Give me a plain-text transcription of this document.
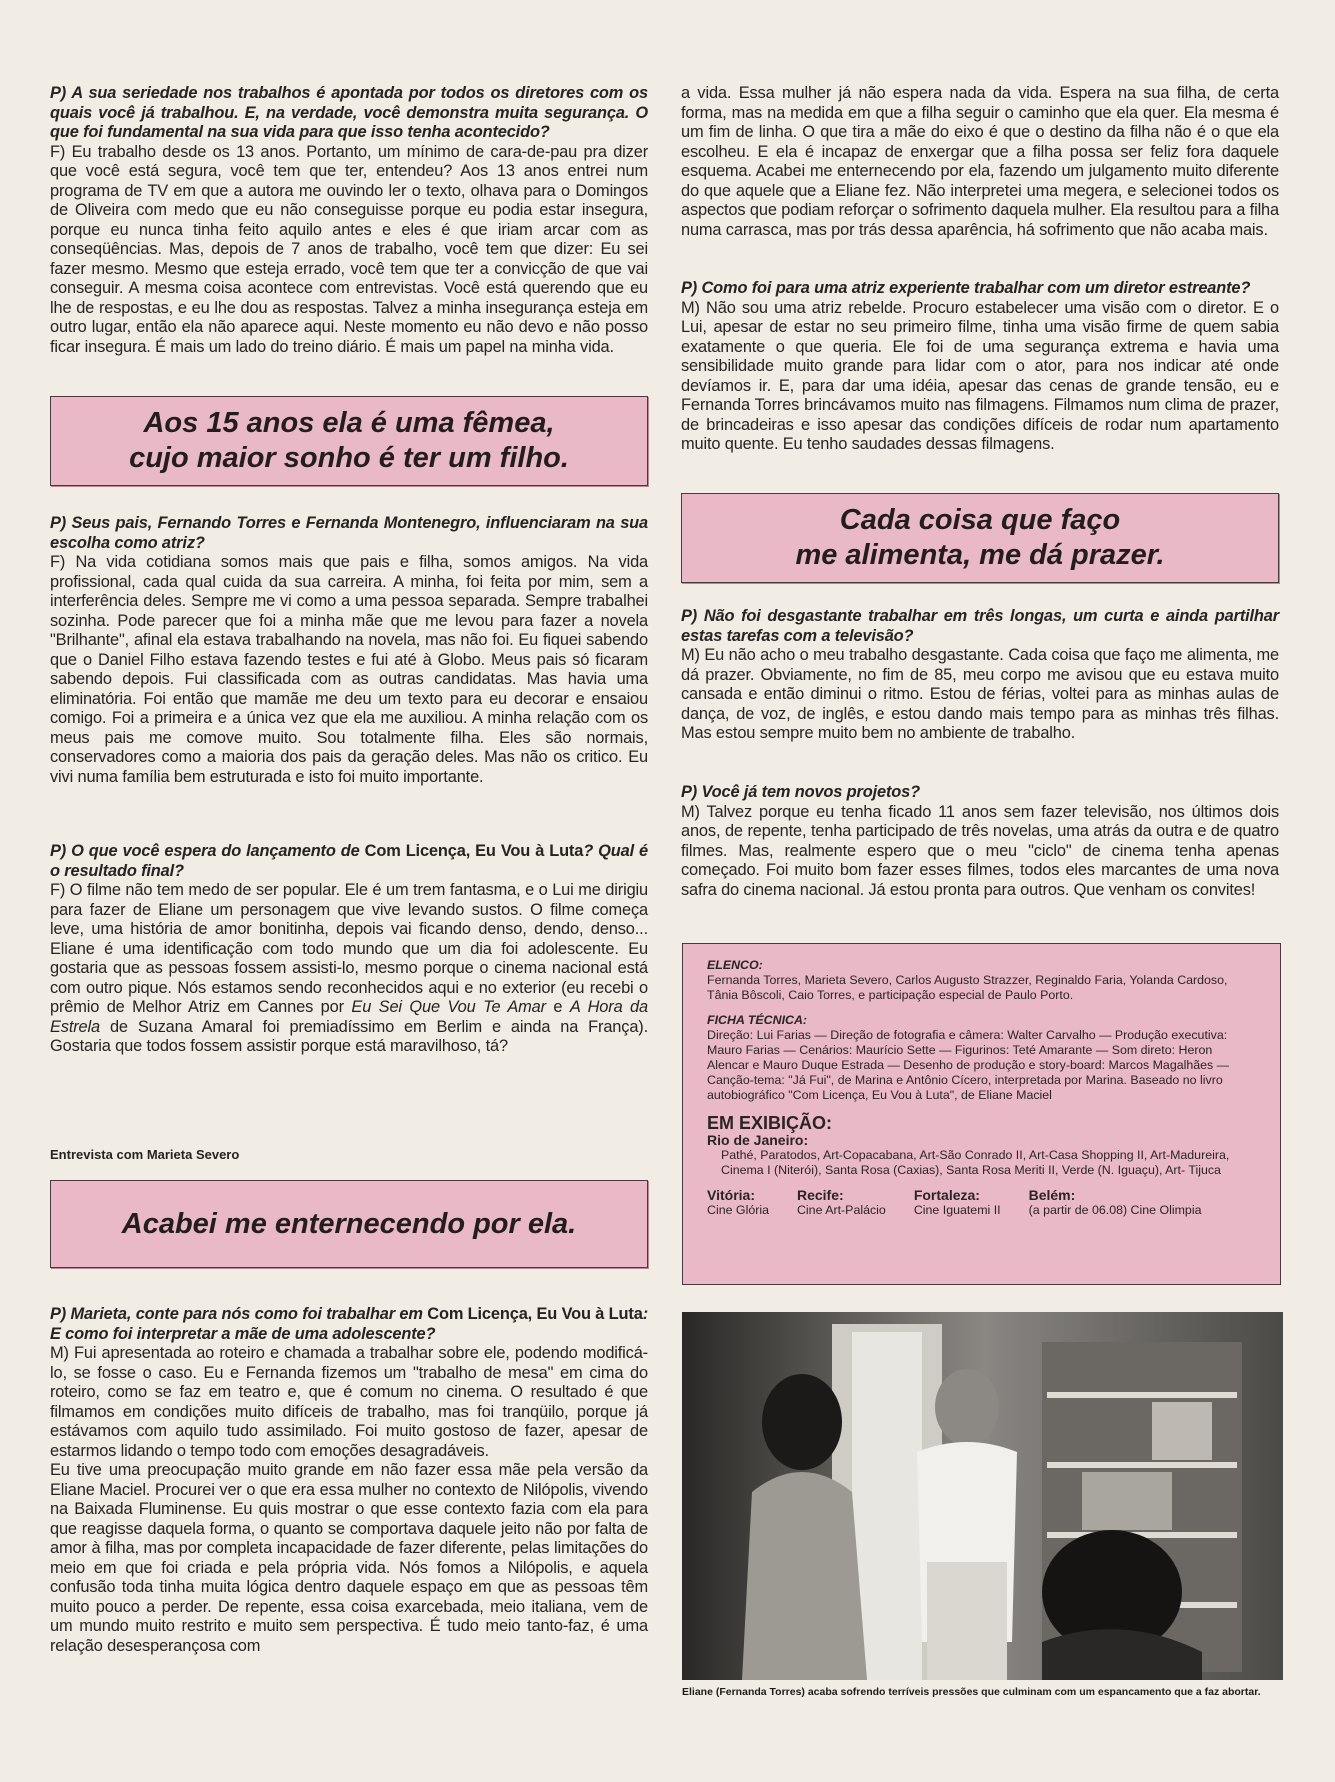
P) A sua seriedade nos trabalhos é apontada por todos os diretores com os quais você já trabalhou. E, na verdade, você demonstra muita segurança. O que foi fundamental na sua vida para que isso tenha acontecido?

F) Eu trabalho desde os 13 anos. Portanto, um mínimo de cara-de-pau pra dizer que você está segura, você tem que ter, entendeu? Aos 13 anos entrei num programa de TV em que a autora me ouvindo ler o texto, olhava para o Domingos de Oliveira com medo que eu não conseguisse porque eu podia estar insegura, porque eu nunca tinha feito aquilo antes e eles é que iriam arcar com as conseqüências. Mas, depois de 7 anos de trabalho, você tem que dizer: Eu sei fazer mesmo. Mesmo que esteja errado, você tem que ter a convicção de que vai conseguir. A mesma coisa acontece com entrevistas. Você está querendo que eu lhe de respostas, e eu lhe dou as respostas. Talvez a minha insegurança esteja em outro lugar, então ela não aparece aqui. Neste momento eu não devo e não posso ficar insegura. É mais um lado do treino diário. É mais um papel na minha vida.

Aos 15 anos ela é uma fêmea,
cujo maior sonho é ter um filho.

P) Seus pais, Fernando Torres e Fernanda Montenegro, influenciaram na sua escolha como atriz?

F) Na vida cotidiana somos mais que pais e filha, somos amigos. Na vida profissional, cada qual cuida da sua carreira. A minha, foi feita por mim, sem a interferência deles. Sempre me vi como a uma pessoa separada. Sempre trabalhei sozinha. Pode parecer que foi a minha mãe que me levou para fazer a novela "Brilhante", afinal ela estava trabalhando na novela, mas não foi. Eu fiquei sabendo que o Daniel Filho estava fazendo testes e fui até à Globo. Meus pais só ficaram sabendo depois. Fui classificada com as outras candidatas. Mas havia uma eliminatória. Foi então que mamãe me deu um texto para eu decorar e ensaiou comigo. Foi a primeira e a única vez que ela me auxiliou. A minha relação com os meus pais me comove muito. Sou totalmente filha. Eles são normais, conservadores como a maioria dos pais da geração deles. Mas não os critico. Eu vivi numa família bem estruturada e isto foi muito importante.

P) O que você espera do lançamento de Com Licença, Eu Vou à Luta? Qual é o resultado final?

F) O filme não tem medo de ser popular. Ele é um trem fantasma, e o Lui me dirigiu para fazer de Eliane um personagem que vive levando sustos. O filme começa leve, uma história de amor bonitinha, depois vai ficando denso, dendo, denso... Eliane é uma identificação com todo mundo que um dia foi adolescente. Eu gostaria que as pessoas fossem assisti-lo, mesmo porque o cinema nacional está com outro pique. Nós estamos sendo reconhecidos aqui e no exterior (eu recebi o prêmio de Melhor Atriz em Cannes por Eu Sei Que Vou Te Amar e A Hora da Estrela de Suzana Amaral foi premiadíssimo em Berlim e ainda na França). Gostaria que todos fossem assistir porque está maravilhoso, tá?

Entrevista com Marieta Severo
Acabei me enternecendo por ela.

P) Marieta, conte para nós como foi trabalhar em Com Licença, Eu Vou à Luta: E como foi interpretar a mãe de uma adolescente?

M) Fui apresentada ao roteiro e chamada a trabalhar sobre ele, podendo modificá-lo, se fosse o caso. Eu e Fernanda fizemos um "trabalho de mesa" em cima do roteiro, como se faz em teatro e, que é comum no cinema. O resultado é que filmamos em condições muito difíceis de trabalho, mas foi tranqüilo, porque já estávamos com aquilo tudo assimilado. Foi muito gostoso de fazer, apesar de estarmos lidando o tempo todo com emoções desagradáveis.

Eu tive uma preocupação muito grande em não fazer essa mãe pela versão da Eliane Maciel. Procurei ver o que era essa mulher no contexto de Nilópolis, vivendo na Baixada Fluminense. Eu quis mostrar o que esse contexto fazia com ela para que reagisse daquela forma, o quanto se comportava daquele jeito não por falta de amor à filha, mas por completa incapacidade de fazer diferente, pelas limitações do meio em que foi criada e pela própria vida. Nós fomos a Nilópolis, e aquela confusão toda tinha muita lógica dentro daquele espaço em que as pessoas têm muito pouco a perder. De repente, essa coisa exarcebada, meio italiana, vem de um mundo muito restrito e muito sem perspectiva. É tudo meio tanto-faz, é uma relação desesperançosa com

a vida. Essa mulher já não espera nada da vida. Espera na sua filha, de certa forma, mas na medida em que a filha seguir o caminho que ela quer. Ela mesma é um fim de linha. O que tira a mãe do eixo é que o destino da filha não é o que ela escolheu. E ela é incapaz de enxergar que a filha possa ser feliz fora daquele esquema. Acabei me enternecendo por ela, fazendo um julgamento muito diferente do que aquele que a Eliane fez. Não interpretei uma megera, e selecionei todos os aspectos que podiam reforçar o sofrimento daquela mulher. Ela resultou para a filha numa carrasca, mas por trás dessa aparência, há sofrimento que não acaba mais.

P) Como foi para uma atriz experiente trabalhar com um diretor estreante?

M) Não sou uma atriz rebelde. Procuro estabelecer uma visão com o diretor. E o Lui, apesar de estar no seu primeiro filme, tinha uma visão firme de quem sabia exatamente o que queria. Ele foi de uma segurança extrema e havia uma sensibilidade muito grande para lidar com o ator, para nos indicar até onde devíamos ir. E, para dar uma idéia, apesar das cenas de grande tensão, eu e Fernanda Torres brincávamos muito nas filmagens. Filmamos num clima de prazer, de brincadeiras e isso apesar das condições difíceis de rodar num apartamento muito quente. Eu tenho saudades dessas filmagens.

Cada coisa que faço
me alimenta, me dá prazer.

P) Não foi desgastante trabalhar em três longas, um curta e ainda partilhar estas tarefas com a televisão?

M) Eu não acho o meu trabalho desgastante. Cada coisa que faço me alimenta, me dá prazer. Obviamente, no fim de 85, meu corpo me avisou que eu estava muito cansada e então diminui o ritmo. Estou de férias, voltei para as minhas aulas de dança, de voz, de inglês, e estou dando mais tempo para as minhas três filhas. Mas estou sempre muito bem no ambiente de trabalho.

P) Você já tem novos projetos?

M) Talvez porque eu tenha ficado 11 anos sem fazer televisão, nos últimos dois anos, de repente, tenha participado de três novelas, uma atrás da outra e de quatro filmes. Mas, realmente espero que o meu "ciclo" de cinema tenha apenas começado. Foi muito bom fazer esses filmes, todos eles marcantes de uma nova safra do cinema nacional. Já estou pronta para outros. Que venham os convites!

ELENCO:
Fernanda Torres, Marieta Severo, Carlos Augusto Strazzer, Reginaldo Faria, Yolanda Cardoso, Tânia Bôscoli, Caio Torres, e participação especial de Paulo Porto.
FICHA TÉCNICA:
Direção: Lui Farias — Direção de fotografia e câmera: Walter Carvalho — Produção executiva: Mauro Farias — Cenários: Maurício Sette — Figurinos: Teté Amarante — Som direto: Heron Alencar e Mauro Duque Estrada — Desenho de produção e story-board: Marcos Magalhães — Canção-tema: "Já Fui", de Marina e Antônio Cícero, interpretada por Marina. Baseado no livro autobiográfico "Com Licença, Eu Vou à Luta", de Eliane Maciel
EM EXIBIÇÃO:
Rio de Janeiro:
Pathé, Paratodos, Art-Copacabana, Art-São Conrado II, Art-Casa Shopping II, Art-Madureira, Cinema I (Niterói), Santa Rosa (Caxias), Santa Rosa Meriti II, Verde (N. Iguaçu), Art- Tijuca
Vitória:
Cine Glória
Recife:
Cine Art-Palácio
Fortaleza:
Cine Iguatemi II
Belém:
(a partir de 06.08) Cine Olimpia
Eliane (Fernanda Torres) acaba sofrendo terríveis pressões que culminam com um espancamento que a faz abortar.
